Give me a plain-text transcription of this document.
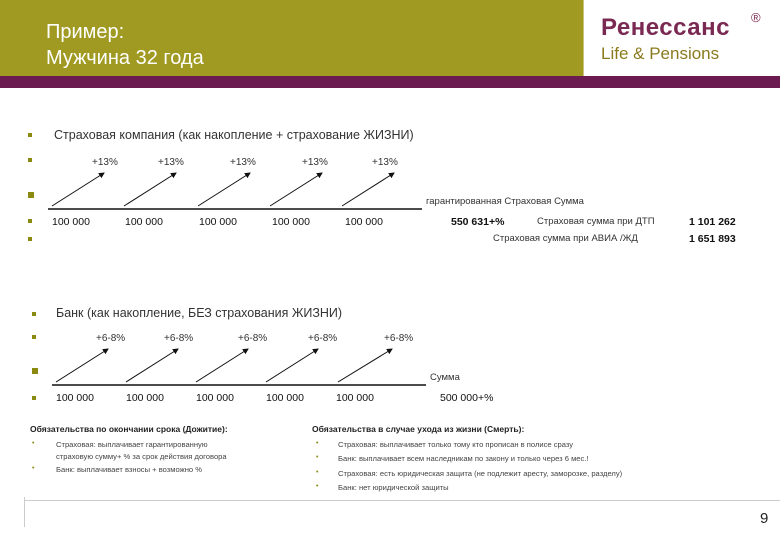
Пример:
Мужчина 32 года
Ренессанс ®
Life & Pensions
Страховая компания (как накопление + страхование ЖИЗНИ)
+13%	+13%	+13%	+13%	+13%
гарантированная Страховая Сумма
100 000	100 000	100 000	100 000	100 000	550 631+%	Страховая сумма при ДТП	1 101 262
Страховая сумма при АВИА /ЖД	1 651 893
Банк (как накопление, БЕЗ страхования ЖИЗНИ)
+6-8%	+6-8%	+6-8%	+6-8%	+6-8%
Сумма
100 000	100 000	100 000	100 000	100 000	500 000+%
Обязательства по окончании срока (Дожитие):
•	Страховая: выплачивает гарантированную
страховую сумму+ % за срок действия договора
•	Банк: выплачивает взносы + возможно %
Обязательства в случае ухода из жизни (Смерть):
•	Страховая: выплачивает только тому кто прописан в полисе сразу
•	Банк: выплачивает всем наследникам по закону и только через 6 мес.!
•	Страховая: есть юридическая защита (не подлежит аресту, заморозке, разделу)
•	Банк: нет юридической защиты
9
